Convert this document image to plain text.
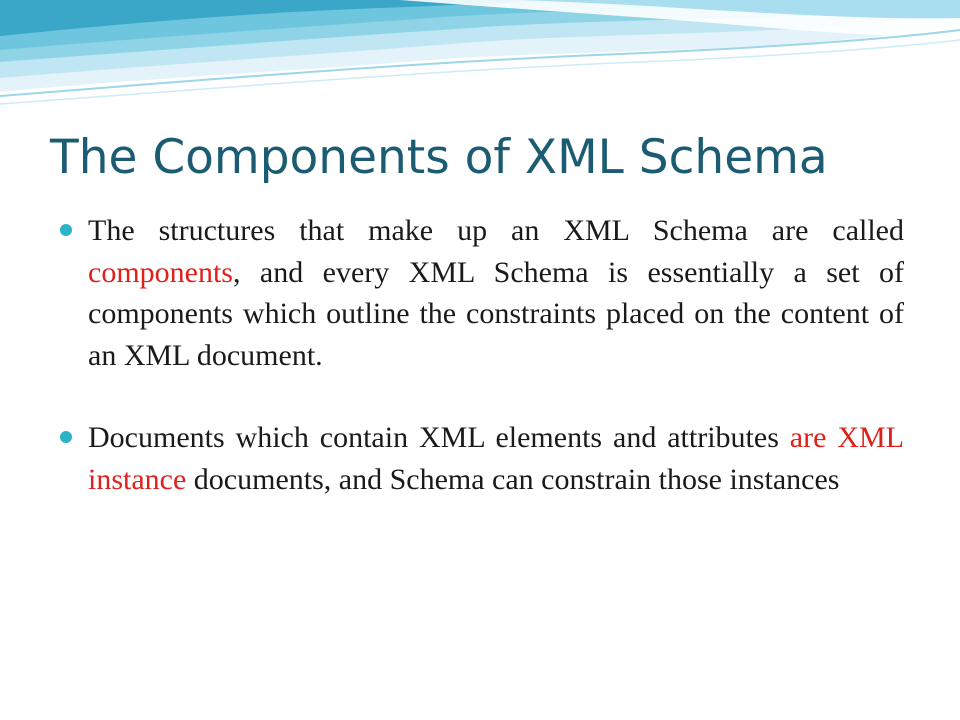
The Components of XML Schema
The structures that make up an XML Schema are called components, and every XML Schema is essentially a set of components which outline the constraints placed on the content of an XML document.
Documents which contain XML elements and attributes are XML instance documents, and Schema can constrain those instances
